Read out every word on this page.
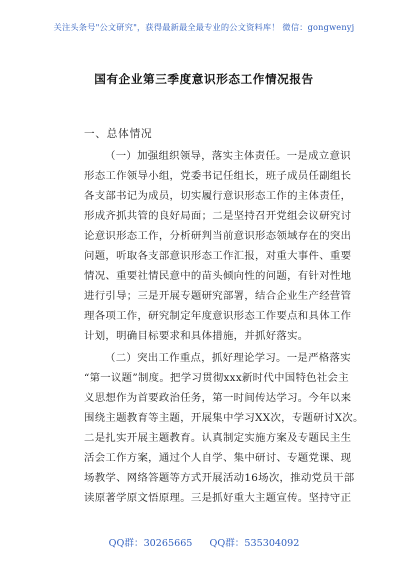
关注头条号"公文研究"，获得最新最全最专业的公文资料库！ 微信：gongwenyj
国有企业第三季度意识形态工作情况报告
一、总体情况
（一）加强组织领导，落实主体责任。一是成立意识
形态工作领导小组，党委书记任组长，班子成员任副组长
各支部书记为成员，切实履行意识形态工作的主体责任，
形成齐抓共管的良好局面；二是坚持召开党组会议研究讨
论意识形态工作，分析研判当前意识形态领域存在的突出
问题，听取各支部意识形态工作汇报，对重大事件、重要
情况、重要社情民意中的苗头倾向性的问题，有针对性地
进行引导；三是开展专题研究部署，结合企业生产经营管
理各项工作，研究制定年度意识形态工作要点和具体工作
计划，明确目标要求和具体措施，并抓好落实。
（二）突出工作重点，抓好理论学习。一是严格落实
“第一议题”制度。把学习贯彻xxx新时代中国特色社会主
义思想作为首要政治任务，第一时间传达学习。今年以来
围绕主题教育等主题，开展集中学习XX次，专题研讨X次。
二是扎实开展主题教育。认真制定实施方案及专题民主生
活会工作方案，通过个人自学、集中研讨、专题党课、现
场教学、网络答题等方式开展活动16场次，推动党员干部
读原著学原文悟原理。三是抓好重大主题宣传。坚持守正
QQ群：30265665 QQ群：535304092
